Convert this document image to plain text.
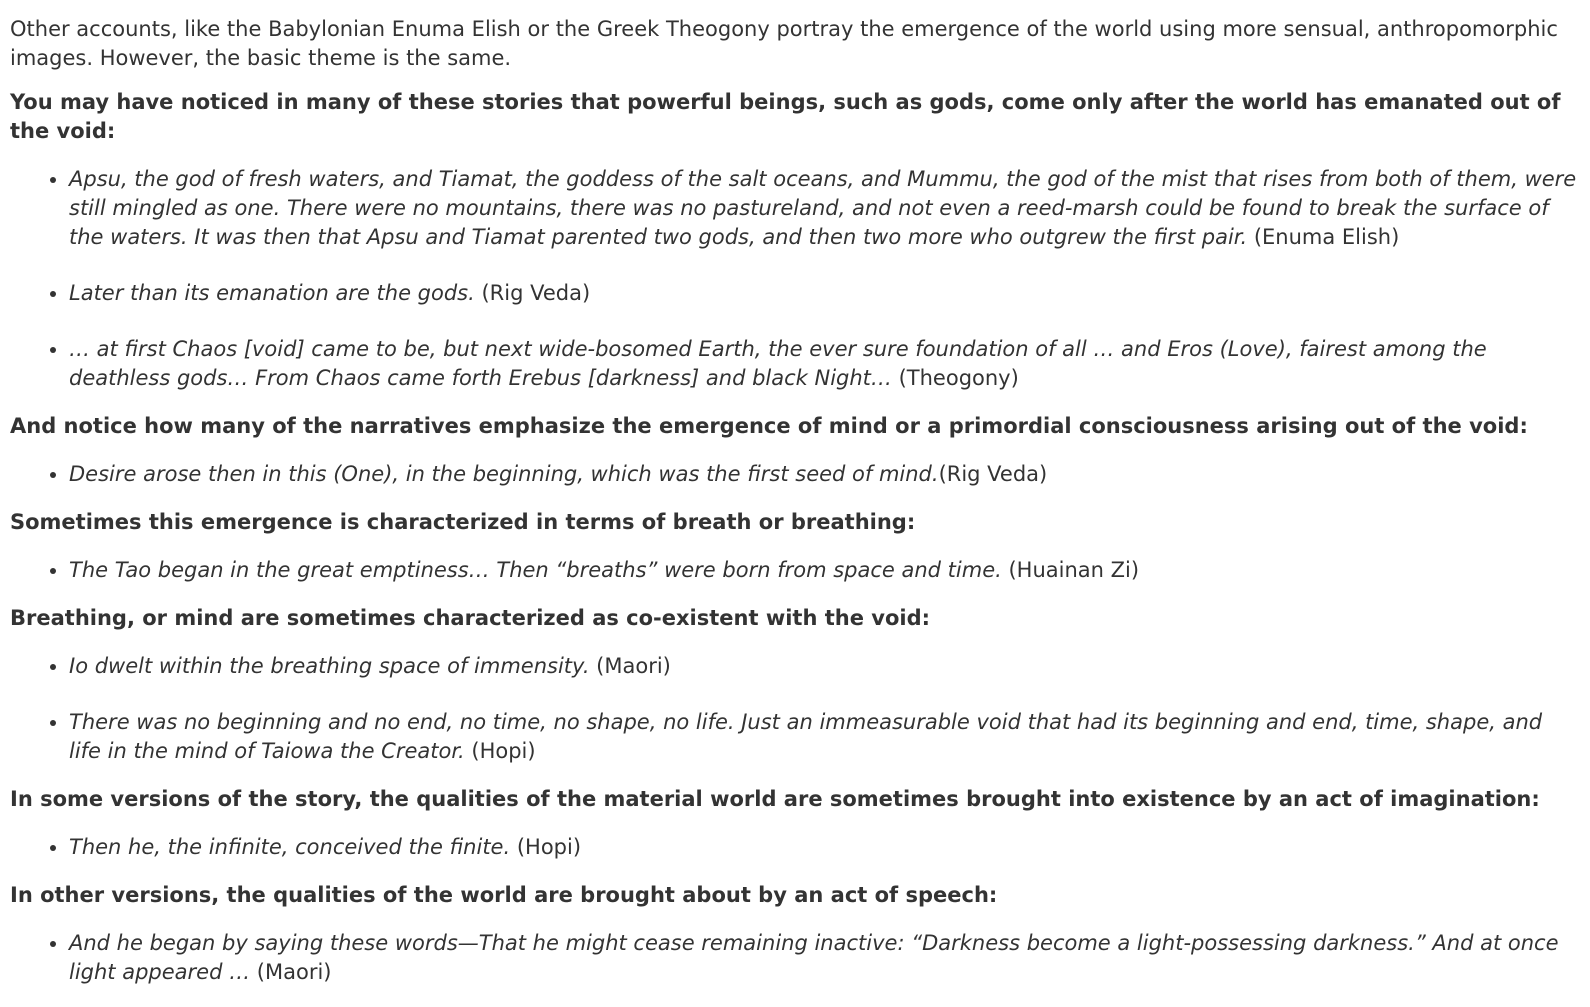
Other accounts, like the Babylonian Enuma Elish or the Greek Theogony portray the emergence of the world using more sensual, anthropomorphic images. However, the basic theme is the same.

You may have noticed in many of these stories that powerful beings, such as gods, come only after the world has emanated out of the void:

• Apsu, the god of fresh waters, and Tiamat, the goddess of the salt oceans, and Mummu, the god of the mist that rises from both of them, were still mingled as one. There were no mountains, there was no pastureland, and not even a reed-marsh could be found to break the surface of the waters. It was then that Apsu and Tiamat parented two gods, and then two more who outgrew the first pair. (Enuma Elish)
• Later than its emanation are the gods. (Rig Veda)
• … at first Chaos [void] came to be, but next wide-bosomed Earth, the ever sure foundation of all … and Eros (Love), fairest among the deathless gods… From Chaos came forth Erebus [darkness] and black Night… (Theogony)

And notice how many of the narratives emphasize the emergence of mind or a primordial consciousness arising out of the void:

• Desire arose then in this (One), in the beginning, which was the first seed of mind.(Rig Veda)

Sometimes this emergence is characterized in terms of breath or breathing:

• The Tao began in the great emptiness… Then “breaths” were born from space and time. (Huainan Zi)

Breathing, or mind are sometimes characterized as co-existent with the void:

• Io dwelt within the breathing space of immensity. (Maori)
• There was no beginning and no end, no time, no shape, no life. Just an immeasurable void that had its beginning and end, time, shape, and life in the mind of Taiowa the Creator. (Hopi)

In some versions of the story, the qualities of the material world are sometimes brought into existence by an act of imagination:

• Then he, the infinite, conceived the finite. (Hopi)

In other versions, the qualities of the world are brought about by an act of speech:

• And he began by saying these words—That he might cease remaining inactive: “Darkness become a light-possessing darkness.” And at once light appeared … (Maori)
